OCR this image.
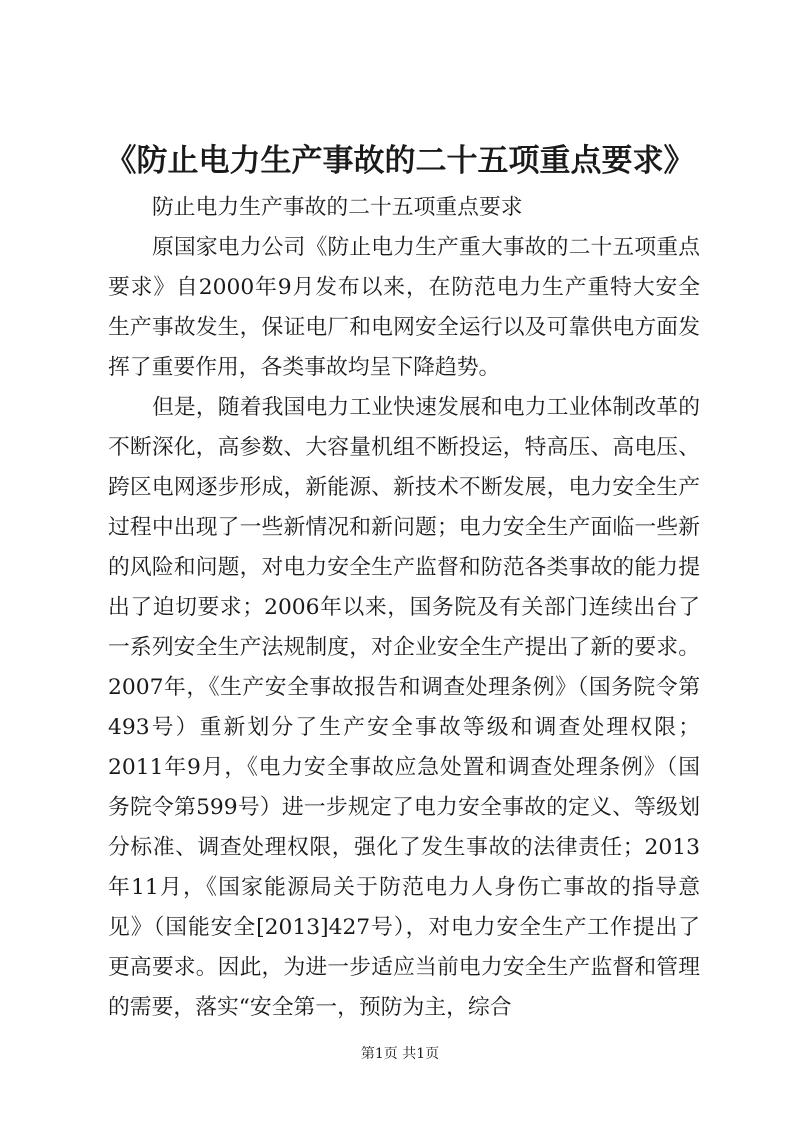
《防止电力生产事故的二十五项重点要求》

防止电力生产事故的二十五项重点要求

原国家电力公司《防止电力生产重大事故的二十五项重点要求》自2000年9月发布以来，在防范电力生产重特大安全生产事故发生，保证电厂和电网安全运行以及可靠供电方面发挥了重要作用，各类事故均呈下降趋势。

但是，随着我国电力工业快速发展和电力工业体制改革的不断深化，高参数、大容量机组不断投运，特高压、高电压、跨区电网逐步形成，新能源、新技术不断发展，电力安全生产过程中出现了一些新情况和新问题；电力安全生产面临一些新的风险和问题，对电力安全生产监督和防范各类事故的能力提出了迫切要求；2006年以来，国务院及有关部门连续出台了一系列安全生产法规制度，对企业安全生产提出了新的要求。2007年，《生产安全事故报告和调查处理条例》（国务院令第493号）重新划分了生产安全事故等级和调查处理权限；2011年9月，《电力安全事故应急处置和调查处理条例》（国务院令第599号）进一步规定了电力安全事故的定义、等级划分标准、调查处理权限，强化了发生事故的法律责任；2013年11月，《国家能源局关于防范电力人身伤亡事故的指导意见》（国能安全[2013]427号），对电力安全生产工作提出了更高要求。因此，为进一步适应当前电力安全生产监督和管理的需要，落实“安全第一，预防为主，综合

第1页 共1页
